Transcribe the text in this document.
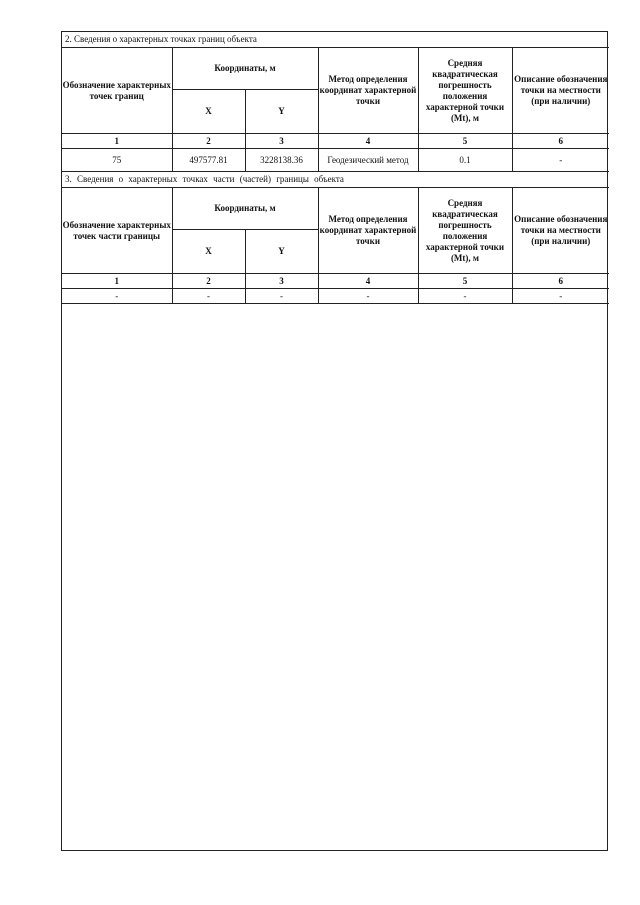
2. Сведения о характерных точках границ объекта					
Обозначение характерных точек границ	Координаты, м		Метод определения координат характерной точки	Средняя квадратическая погрешность положения характерной точки (Mt), м	Описание обозначения точки на местности (при наличии)
	X	Y			
1	2	3	4	5	6
75	497577.81	3228138.36	Геодезический метод	0.1	-
3. Сведения о характерных точках части (частей) границы объекта					
Обозначение характерных точек части границы	Координаты, м		Метод определения координат характерной точки	Средняя квадратическая погрешность положения характерной точки (Mt), м	Описание обозначения точки на местности (при наличии)
	X	Y			
1	2	3	4	5	6
-	-	-	-	-	-
